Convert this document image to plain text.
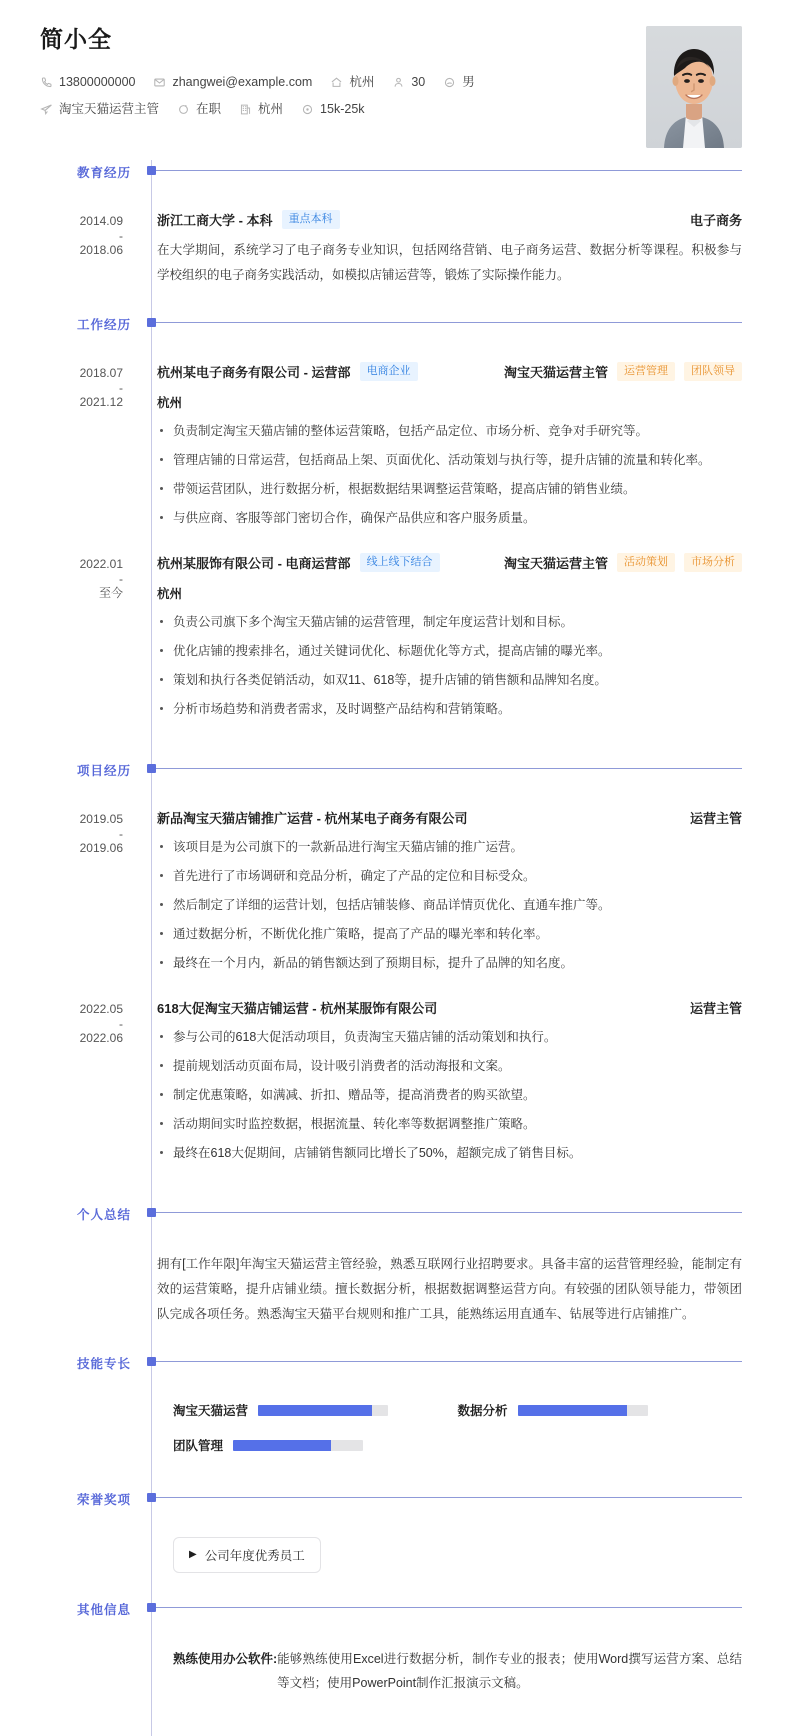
简小全
13800000000	zhangwei@example.com	杭州	30	男
淘宝天猫运营主管	在职	杭州	15k-25k
教育经历
2014.09
-
2018.06
浙江工商大学 - 本科	重点本科	电子商务
在大学期间，系统学习了电子商务专业知识，包括网络营销、电子商务运营、数据分析等课程。积极参与学校组织的电子商务实践活动，如模拟店铺运营等，锻炼了实际操作能力。
工作经历
2018.07
-
2021.12
杭州某电子商务有限公司 - 运营部	电商企业	淘宝天猫运营主管	运营管理	团队领导
杭州
负责制定淘宝天猫店铺的整体运营策略，包括产品定位、市场分析、竞争对手研究等。
管理店铺的日常运营，包括商品上架、页面优化、活动策划与执行等，提升店铺的流量和转化率。
带领运营团队，进行数据分析，根据数据结果调整运营策略，提高店铺的销售业绩。
与供应商、客服等部门密切合作，确保产品供应和客户服务质量。
2022.01
-
至今
杭州某服饰有限公司 - 电商运营部	线上线下结合	淘宝天猫运营主管	活动策划	市场分析
杭州
负责公司旗下多个淘宝天猫店铺的运营管理，制定年度运营计划和目标。
优化店铺的搜索排名，通过关键词优化、标题优化等方式，提高店铺的曝光率。
策划和执行各类促销活动，如双11、618等，提升店铺的销售额和品牌知名度。
分析市场趋势和消费者需求，及时调整产品结构和营销策略。
项目经历
2019.05
-
2019.06
新品淘宝天猫店铺推广运营 - 杭州某电子商务有限公司	运营主管
该项目是为公司旗下的一款新品进行淘宝天猫店铺的推广运营。
首先进行了市场调研和竞品分析，确定了产品的定位和目标受众。
然后制定了详细的运营计划，包括店铺装修、商品详情页优化、直通车推广等。
通过数据分析，不断优化推广策略，提高了产品的曝光率和转化率。
最终在一个月内，新品的销售额达到了预期目标，提升了品牌的知名度。
2022.05
-
2022.06
618大促淘宝天猫店铺运营 - 杭州某服饰有限公司	运营主管
参与公司的618大促活动项目，负责淘宝天猫店铺的活动策划和执行。
提前规划活动页面布局，设计吸引消费者的活动海报和文案。
制定优惠策略，如满减、折扣、赠品等，提高消费者的购买欲望。
活动期间实时监控数据，根据流量、转化率等数据调整推广策略。
最终在618大促期间，店铺销售额同比增长了50%，超额完成了销售目标。
个人总结
拥有[工作年限]年淘宝天猫运营主管经验，熟悉互联网行业招聘要求。具备丰富的运营管理经验，能制定有效的运营策略，提升店铺业绩。擅长数据分析，根据数据调整运营方向。有较强的团队领导能力，带领团队完成各项任务。熟悉淘宝天猫平台规则和推广工具，能熟练运用直通车、钻展等进行店铺推广。
技能专长
淘宝天猫运营	数据分析
团队管理
荣誉奖项
▶ 公司年度优秀员工
其他信息
熟练使用办公软件: 能够熟练使用Excel进行数据分析，制作专业的报表；使用Word撰写运营方案、总结等文档；使用PowerPoint制作汇报演示文稿。
